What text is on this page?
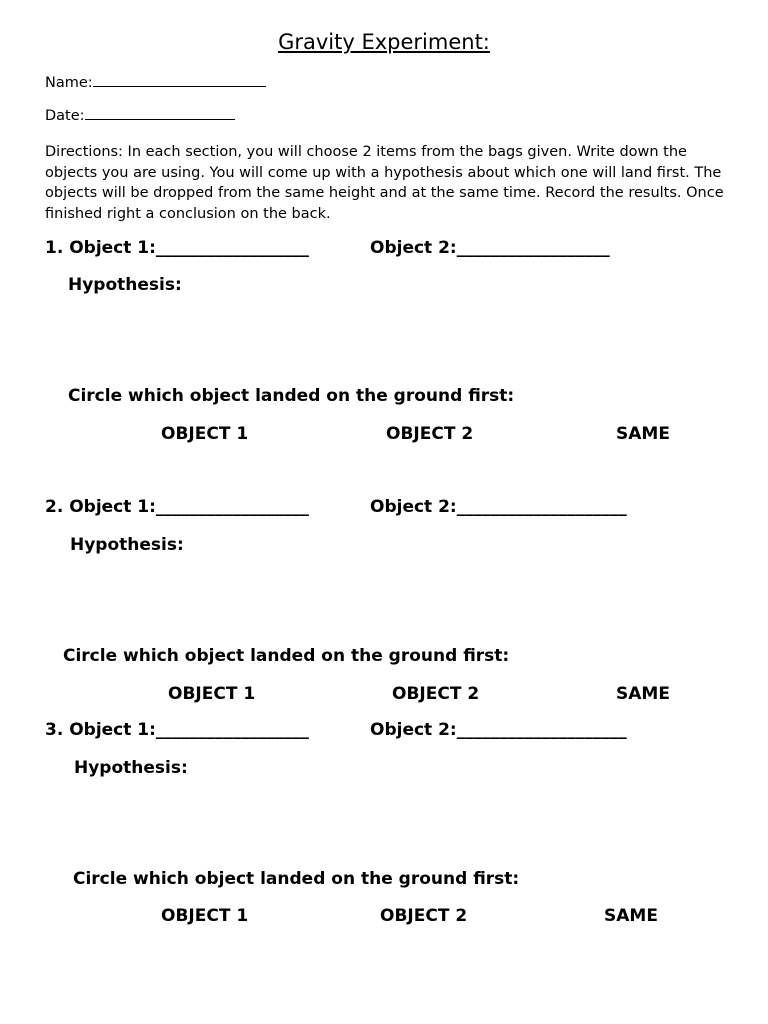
Gravity Experiment:
Name:
Date:
Directions: In each section, you will choose 2 items from the bags given. Write down the objects you are using. You will come up with a hypothesis about which one will land first. The objects will be dropped from the same height and at the same time. Record the results. Once finished right a conclusion on the back.
1. Object 1:__________________	Object 2:__________________
Hypothesis:
Circle which object landed on the ground first:
OBJECT 1	OBJECT 2	SAME
2. Object 1:__________________	Object 2:____________________
Hypothesis:
Circle which object landed on the ground first:
OBJECT 1	OBJECT 2	SAME
3. Object 1:__________________	Object 2:____________________
Hypothesis:
Circle which object landed on the ground first:
OBJECT 1	OBJECT 2	SAME
